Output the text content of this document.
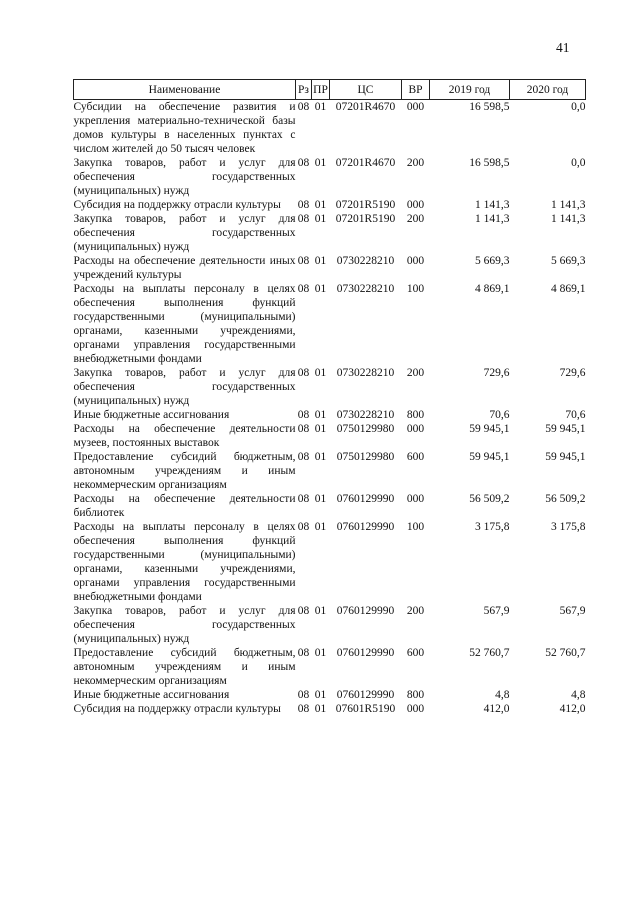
41
Наименование	Рз	ПР	ЦС	ВР	2019 год	2020 год
Субсидии на обеспечение развития и укрепления материально-технической базы домов культуры в населенных пунктах с числом жителей до 50 тысяч человек	08	01	07201R4670	000	16 598,5	0,0
Закупка товаров, работ и услуг для обеспечения государственных (муниципальных) нужд	08	01	07201R4670	200	16 598,5	0,0
Субсидия на поддержку отрасли культуры	08	01	07201R5190	000	1 141,3	1 141,3
Закупка товаров, работ и услуг для обеспечения государственных (муниципальных) нужд	08	01	07201R5190	200	1 141,3	1 141,3
Расходы на обеспечение деятельности иных учреждений культуры	08	01	0730228210	000	5 669,3	5 669,3
Расходы на выплаты персоналу в целях обеспечения выполнения функций государственными (муниципальными) органами, казенными учреждениями, органами управления государственными внебюджетными фондами	08	01	0730228210	100	4 869,1	4 869,1
Закупка товаров, работ и услуг для обеспечения государственных (муниципальных) нужд	08	01	0730228210	200	729,6	729,6
Иные бюджетные ассигнования	08	01	0730228210	800	70,6	70,6
Расходы на обеспечение деятельности музеев, постоянных выставок	08	01	0750129980	000	59 945,1	59 945,1
Предоставление субсидий бюджетным, автономным учреждениям и иным некоммерческим организациям	08	01	0750129980	600	59 945,1	59 945,1
Расходы на обеспечение деятельности библиотек	08	01	0760129990	000	56 509,2	56 509,2
Расходы на выплаты персоналу в целях обеспечения выполнения функций государственными (муниципальными) органами, казенными учреждениями, органами управления государственными внебюджетными фондами	08	01	0760129990	100	3 175,8	3 175,8
Закупка товаров, работ и услуг для обеспечения государственных (муниципальных) нужд	08	01	0760129990	200	567,9	567,9
Предоставление субсидий бюджетным, автономным учреждениям и иным некоммерческим организациям	08	01	0760129990	600	52 760,7	52 760,7
Иные бюджетные ассигнования	08	01	0760129990	800	4,8	4,8
Субсидия на поддержку отрасли культуры	08	01	07601R5190	000	412,0	412,0
